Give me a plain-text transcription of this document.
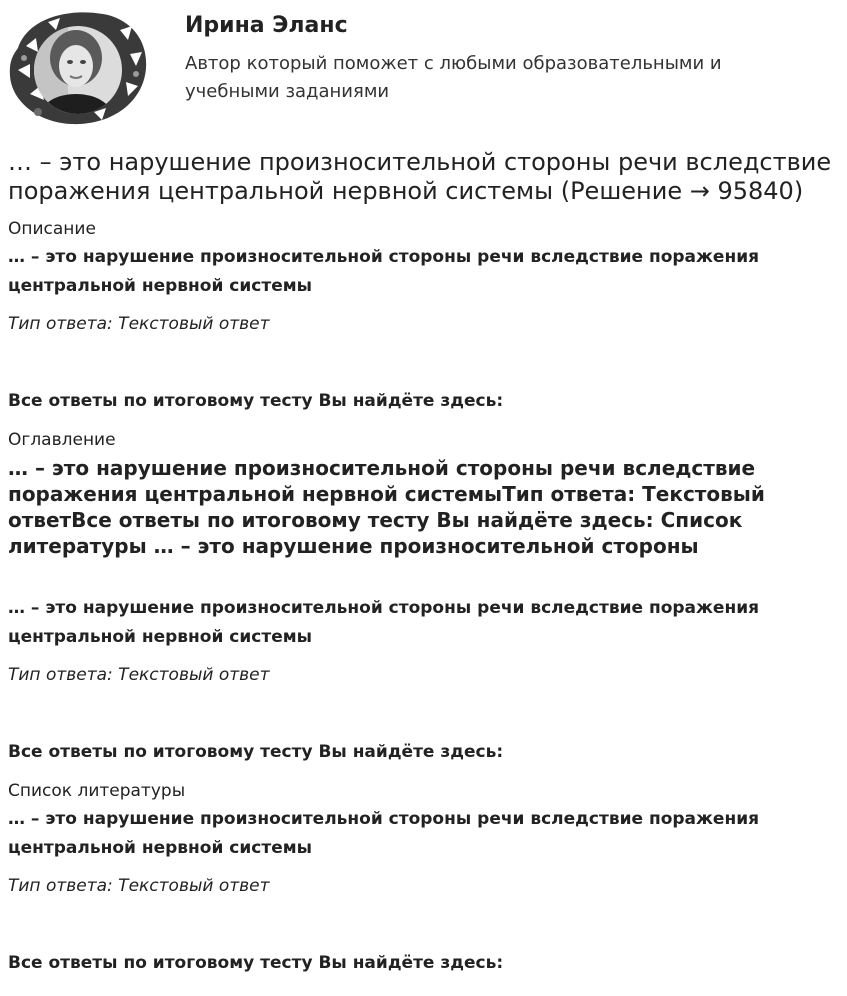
Ирина Эланс
Автор который поможет с любыми образовательными и учебными заданиями
… – это нарушение произносительной стороны речи вследствие поражения центральной нервной системы (Решение → 95840)
Описание
… – это нарушение произносительной стороны речи вследствие поражения центральной нервной системы
Тип ответа: Текстовый ответ
Все ответы по итоговому тесту Вы найдёте здесь:
Оглавление
… – это нарушение произносительной стороны речи вследствие поражения центральной нервной системыТип ответа: Текстовый ответВсе ответы по итоговому тесту Вы найдёте здесь: Список литературы … – это нарушение произносительной стороны
… – это нарушение произносительной стороны речи вследствие поражения центральной нервной системы
Тип ответа: Текстовый ответ
Все ответы по итоговому тесту Вы найдёте здесь:
Список литературы
… – это нарушение произносительной стороны речи вследствие поражения центральной нервной системы
Тип ответа: Текстовый ответ
Все ответы по итоговому тесту Вы найдёте здесь:
